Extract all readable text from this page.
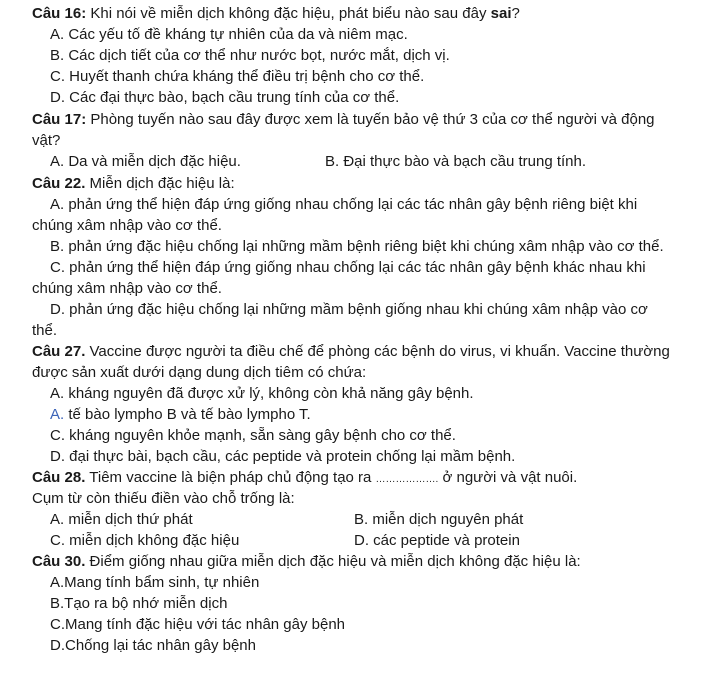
Câu 16: Khi nói về miễn dịch không đặc hiệu, phát biểu nào sau đây sai?
A. Các yếu tố đề kháng tự nhiên của da và niêm mạc.
B. Các dịch tiết của cơ thể như nước bọt, nước mắt, dịch vị.
C. Huyết thanh chứa kháng thể điều trị bệnh cho cơ thể.
D. Các đại thực bào, bạch cầu trung tính của cơ thể.
Câu 17: Phòng tuyến nào sau đây được xem là tuyến bảo vệ thứ 3 của cơ thể người và động
vật?
A. Da và miễn dịch đặc hiệu.	B. Đại thực bào và bạch cầu trung tính.
Câu 22. Miễn dịch đặc hiệu là:
A. phản ứng thể hiện đáp ứng giống nhau chống lại các tác nhân gây bệnh riêng biệt khi
chúng xâm nhập vào cơ thể.
B. phản ứng đặc hiệu chống lại những mầm bệnh riêng biệt khi chúng xâm nhập vào cơ thể.
C. phản ứng thể hiện đáp ứng giống nhau chống lại các tác nhân gây bệnh khác nhau khi
chúng xâm nhập vào cơ thể.
D. phản ứng đặc hiệu chống lại những mầm bệnh giống nhau khi chúng xâm nhập vào cơ
thể.
Câu 27. Vaccine được người ta điều chế để phòng các bệnh do virus, vi khuẩn. Vaccine thường
được sản xuất dưới dạng dung dịch tiêm có chứa:
A. kháng nguyên đã được xử lý, không còn khả năng gây bệnh.
A. tế bào lympho B và tế bào lympho T.
C. kháng nguyên khỏe mạnh, sẵn sàng gây bệnh cho cơ thể.
D. đại thực bài, bạch cầu, các peptide và protein chống lại mầm bệnh.
Câu 28. Tiêm vaccine là biện pháp chủ động tạo ra ………………. ở người và vật nuôi.
Cụm từ còn thiếu điền vào chỗ trống là:
A. miễn dịch thứ phát	B. miễn dịch nguyên phát
C. miễn dịch không đặc hiệu	D. các peptide và protein
Câu 30. Điểm giống nhau giữa miễn dịch đặc hiệu và miễn dịch không đặc hiệu là:
A.Mang tính bẩm sinh, tự nhiên
B.Tạo ra bộ nhớ miễn dịch
C.Mang tính đặc hiệu với tác nhân gây bệnh
D.Chống lại tác nhân gây bệnh
